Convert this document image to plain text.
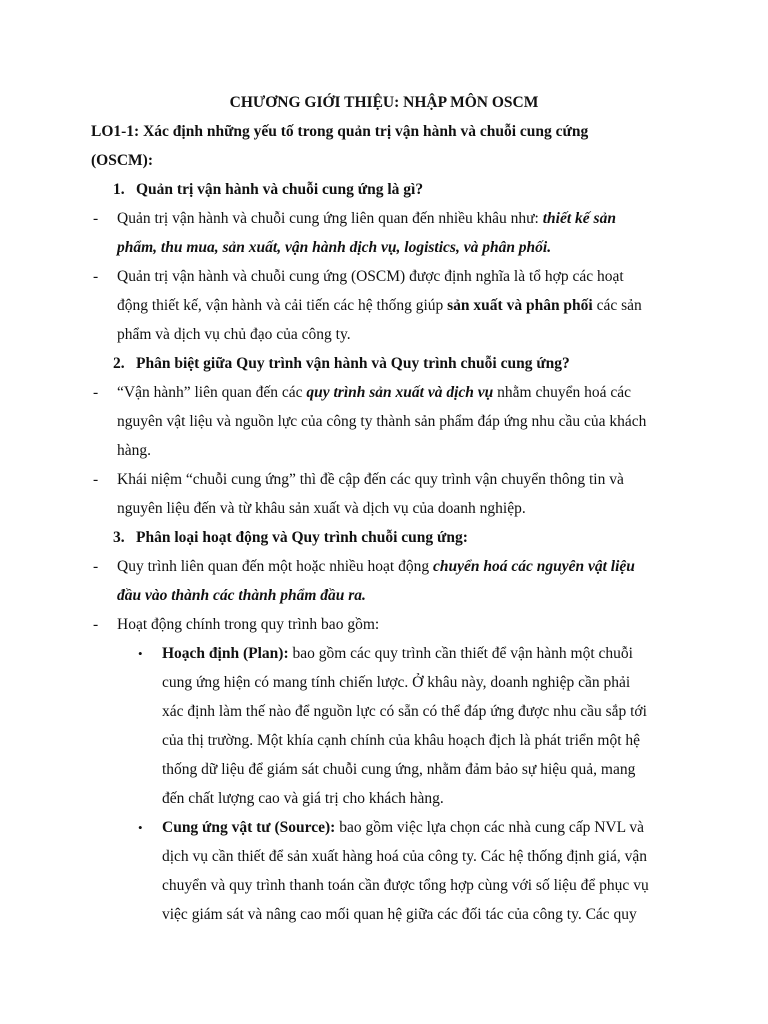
CHƯƠNG GIỚI THIỆU: NHẬP MÔN OSCM
LO1-1: Xác định những yếu tố trong quản trị vận hành và chuỗi cung cứng
(OSCM):
1. Quản trị vận hành và chuỗi cung ứng là gì?
- Quản trị vận hành và chuỗi cung ứng liên quan đến nhiều khâu như: thiết kế sản
phẩm, thu mua, sản xuất, vận hành dịch vụ, logistics, và phân phối.
- Quản trị vận hành và chuỗi cung ứng (OSCM) được định nghĩa là tổ hợp các hoạt
động thiết kế, vận hành và cải tiến các hệ thống giúp sản xuất và phân phối các sản
phẩm và dịch vụ chủ đạo của công ty.
2. Phân biệt giữa Quy trình vận hành và Quy trình chuỗi cung ứng?
- “Vận hành” liên quan đến các quy trình sản xuất và dịch vụ nhằm chuyển hoá các
nguyên vật liệu và nguồn lực của công ty thành sản phẩm đáp ứng nhu cầu của khách
hàng.
- Khái niệm “chuỗi cung ứng” thì đề cập đến các quy trình vận chuyển thông tin và
nguyên liệu đến và từ khâu sản xuất và dịch vụ của doanh nghiệp.
3. Phân loại hoạt động và Quy trình chuỗi cung ứng:
- Quy trình liên quan đến một hoặc nhiều hoạt động chuyển hoá các nguyên vật liệu
đầu vào thành các thành phẩm đầu ra.
- Hoạt động chính trong quy trình bao gồm:
• Hoạch định (Plan): bao gồm các quy trình cần thiết để vận hành một chuỗi
cung ứng hiện có mang tính chiến lược. Ở khâu này, doanh nghiệp cần phải
xác định làm thế nào để nguồn lực có sẵn có thể đáp ứng được nhu cầu sắp tới
của thị trường. Một khía cạnh chính của khâu hoạch địch là phát triển một hệ
thống dữ liệu để giám sát chuỗi cung ứng, nhằm đảm bảo sự hiệu quả, mang
đến chất lượng cao và giá trị cho khách hàng.
• Cung ứng vật tư (Source): bao gồm việc lựa chọn các nhà cung cấp NVL và
dịch vụ cần thiết để sản xuất hàng hoá của công ty. Các hệ thống định giá, vận
chuyển và quy trình thanh toán cần được tổng hợp cùng với số liệu để phục vụ
việc giám sát và nâng cao mối quan hệ giữa các đối tác của công ty. Các quy
